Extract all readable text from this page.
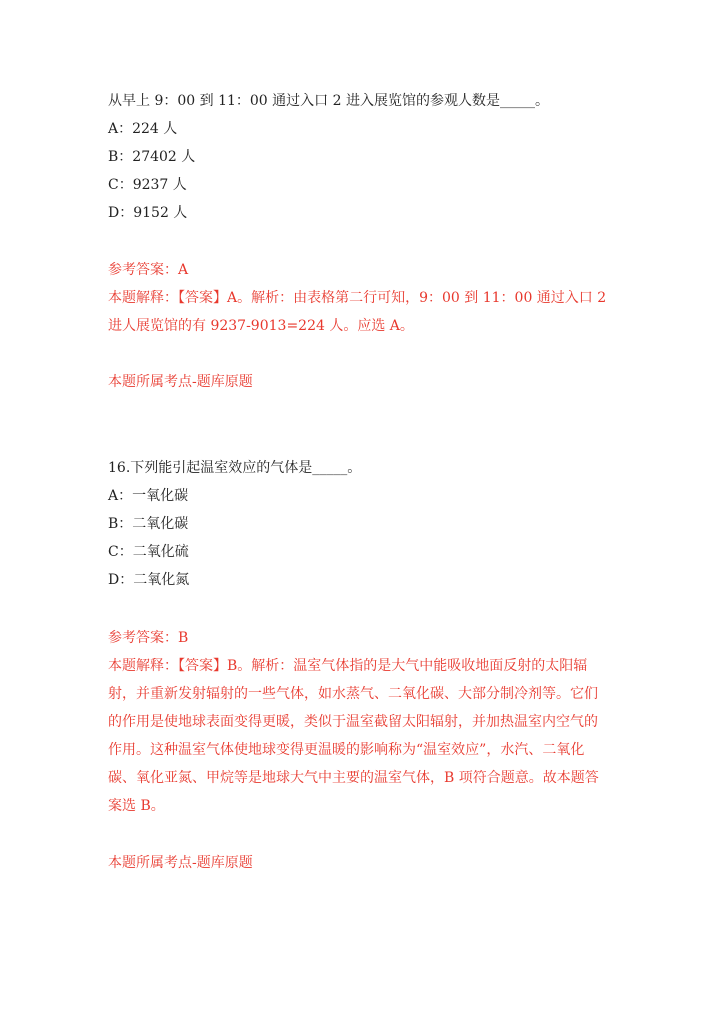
从早上 9：00 到 11：00 通过入口 2 进入展览馆的参观人数是_____。
A：224 人
B：27402 人
C：9237 人
D：9152 人
参考答案：A

本题解释：【答案】A。解析：由表格第二行可知，9：00 到 11：00 通过入口 2 进人展览馆的有 9237-9013=224 人。应选 A。

本题所属考点-题库原题
16.下列能引起温室效应的气体是_____。
A：一氧化碳
B：二氧化碳
C：二氧化硫
D：二氧化氮
参考答案：B

本题解释：【答案】B。解析：温室气体指的是大气中能吸收地面反射的太阳辐射，并重新发射辐射的一些气体，如水蒸气、二氧化碳、大部分制冷剂等。它们的作用是使地球表面变得更暖，类似于温室截留太阳辐射，并加热温室内空气的作用。这种温室气体使地球变得更温暖的影响称为“温室效应”，水汽、二氧化碳、氧化亚氮、甲烷等是地球大气中主要的温室气体，B 项符合题意。故本题答案选 B。

本题所属考点-题库原题
